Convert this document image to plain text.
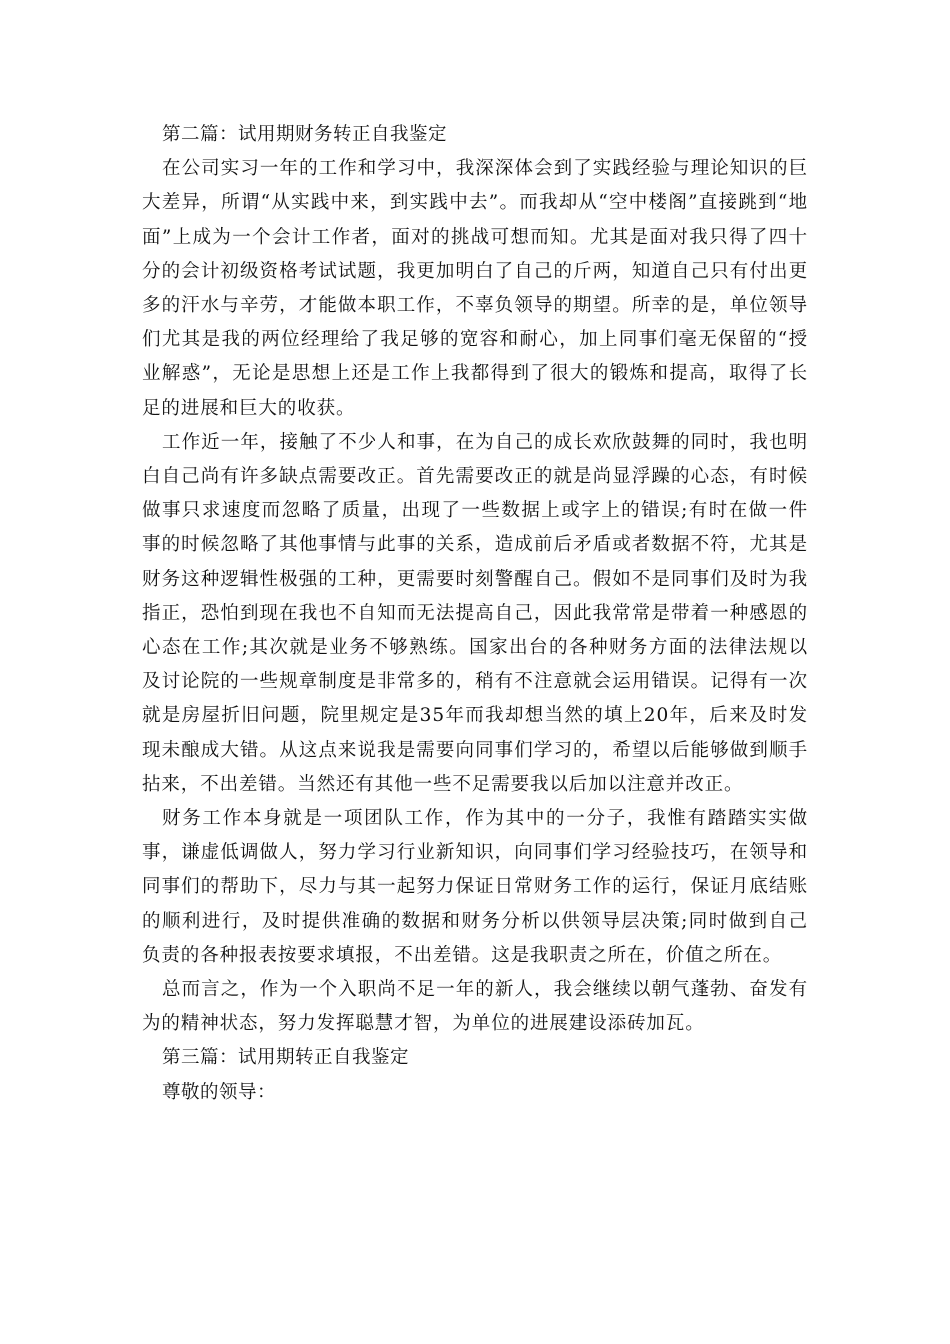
第二篇：试用期财务转正自我鉴定

在公司实习一年的工作和学习中，我深深体会到了实践经验与理论知识的巨大差异，所谓“从实践中来，到实践中去”。而我却从“空中楼阁”直接跳到“地面”上成为一个会计工作者，面对的挑战可想而知。尤其是面对我只得了四十分的会计初级资格考试试题，我更加明白了自己的斤两，知道自己只有付出更多的汗水与辛劳，才能做本职工作，不辜负领导的期望。所幸的是，单位领导们尤其是我的两位经理给了我足够的宽容和耐心，加上同事们毫无保留的“授业解惑”，无论是思想上还是工作上我都得到了很大的锻炼和提高，取得了长足的进展和巨大的收获。

工作近一年，接触了不少人和事，在为自己的成长欢欣鼓舞的同时，我也明白自己尚有许多缺点需要改正。首先需要改正的就是尚显浮躁的心态，有时候做事只求速度而忽略了质量，出现了一些数据上或字上的错误;有时在做一件事的时候忽略了其他事情与此事的关系，造成前后矛盾或者数据不符，尤其是财务这种逻辑性极强的工种，更需要时刻警醒自己。假如不是同事们及时为我指正，恐怕到现在我也不自知而无法提高自己，因此我常常是带着一种感恩的心态在工作;其次就是业务不够熟练。国家出台的各种财务方面的法律法规以及讨论院的一些规章制度是非常多的，稍有不注意就会运用错误。记得有一次就是房屋折旧问题，院里规定是35年而我却想当然的填上20年，后来及时发现未酿成大错。从这点来说我是需要向同事们学习的，希望以后能够做到顺手拈来，不出差错。当然还有其他一些不足需要我以后加以注意并改正。

财务工作本身就是一项团队工作，作为其中的一分子，我惟有踏踏实实做事，谦虚低调做人，努力学习行业新知识，向同事们学习经验技巧，在领导和同事们的帮助下，尽力与其一起努力保证日常财务工作的运行，保证月底结账的顺利进行，及时提供准确的数据和财务分析以供领导层决策;同时做到自己负责的各种报表按要求填报，不出差错。这是我职责之所在，价值之所在。

总而言之，作为一个入职尚不足一年的新人，我会继续以朝气蓬勃、奋发有为的精神状态，努力发挥聪慧才智，为单位的进展建设添砖加瓦。

第三篇：试用期转正自我鉴定

尊敬的领导：
